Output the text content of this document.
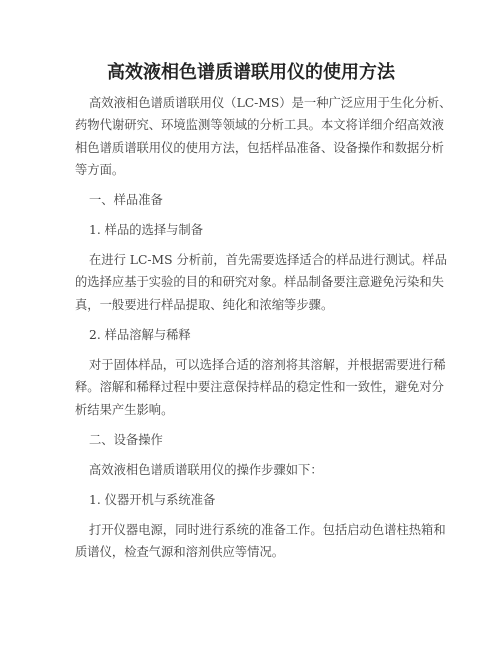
高效液相色谱质谱联用仪的使用方法
高效液相色谱质谱联用仪（LC-MS）是一种广泛应用于生化分析、
药物代谢研究、环境监测等领域的分析工具。本文将详细介绍高效液
相色谱质谱联用仪的使用方法，包括样品准备、设备操作和数据分析
等方面。
一、样品准备
1. 样品的选择与制备
在进行 LC-MS 分析前，首先需要选择适合的样品进行测试。样品
的选择应基于实验的目的和研究对象。样品制备要注意避免污染和失
真，一般要进行样品提取、纯化和浓缩等步骤。
2. 样品溶解与稀释
对于固体样品，可以选择合适的溶剂将其溶解，并根据需要进行稀
释。溶解和稀释过程中要注意保持样品的稳定性和一致性，避免对分
析结果产生影响。
二、设备操作
高效液相色谱质谱联用仪的操作步骤如下：
1. 仪器开机与系统准备
打开仪器电源，同时进行系统的准备工作。包括启动色谱柱热箱和
质谱仪，检查气源和溶剂供应等情况。
